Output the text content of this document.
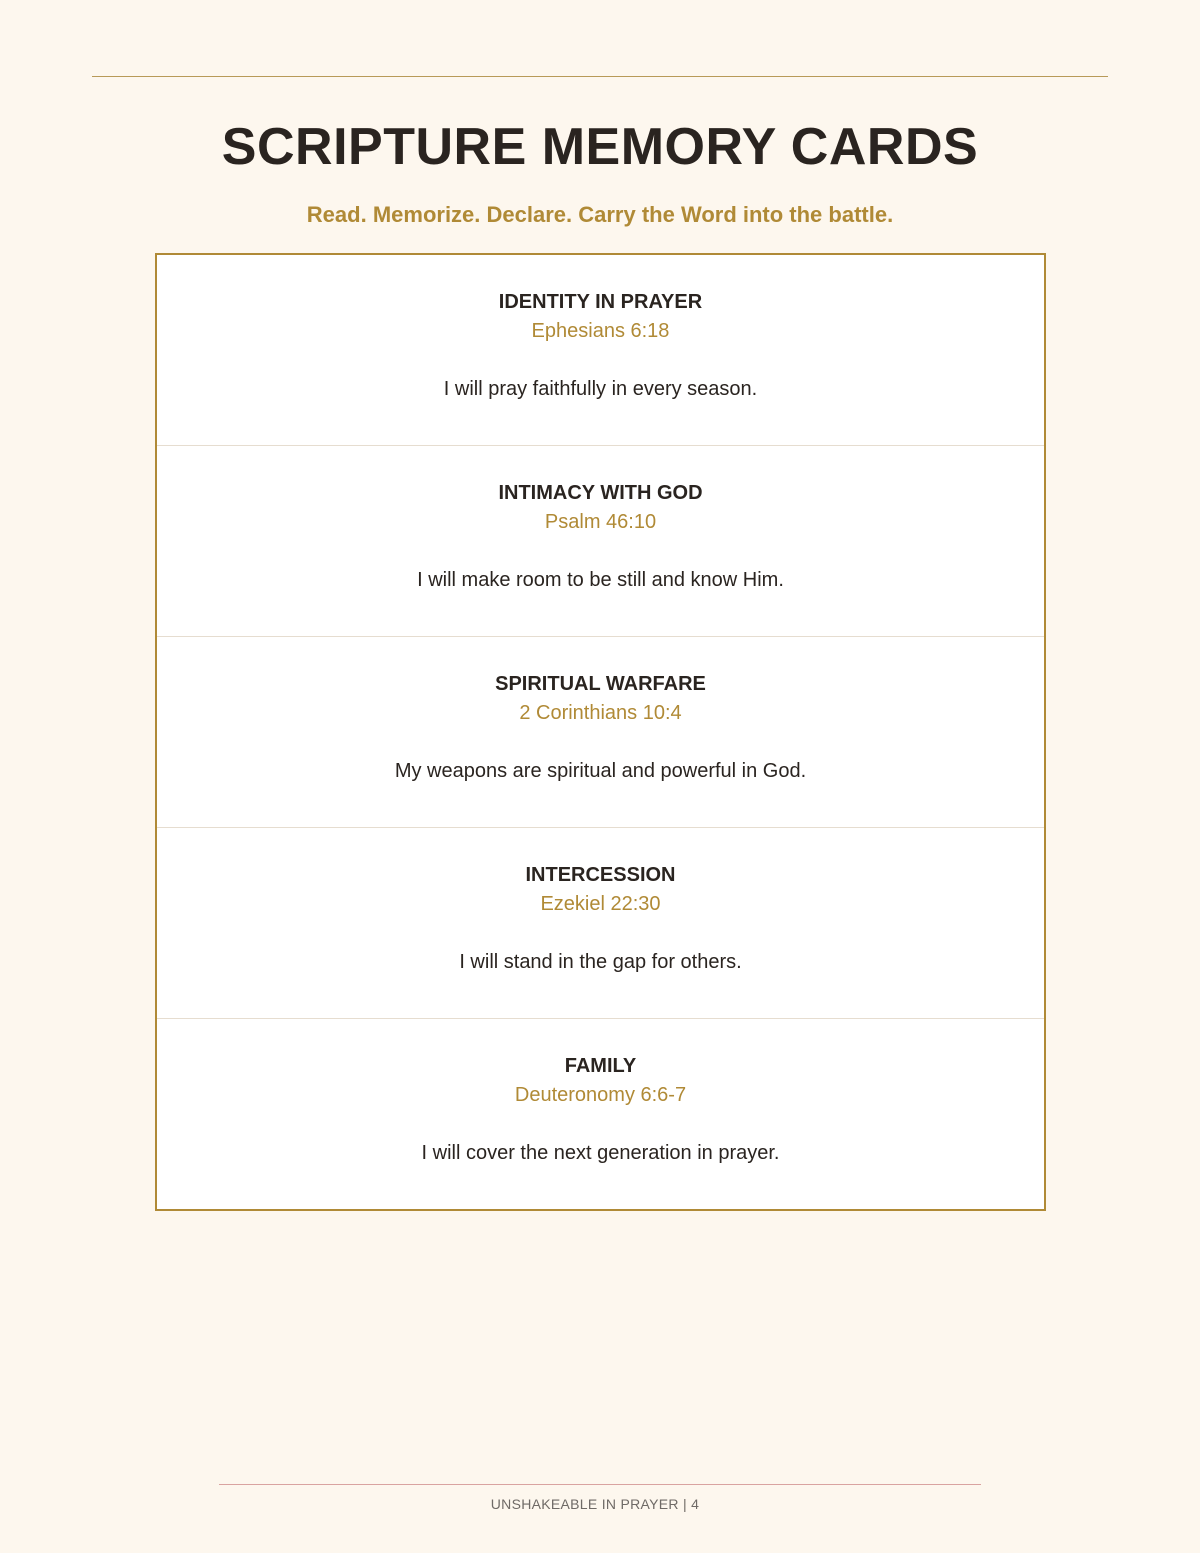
SCRIPTURE MEMORY CARDS
Read. Memorize. Declare. Carry the Word into the battle.
IDENTITY IN PRAYER
Ephesians 6:18
I will pray faithfully in every season.
INTIMACY WITH GOD
Psalm 46:10
I will make room to be still and know Him.
SPIRITUAL WARFARE
2 Corinthians 10:4
My weapons are spiritual and powerful in God.
INTERCESSION
Ezekiel 22:30
I will stand in the gap for others.
FAMILY
Deuteronomy 6:6-7
I will cover the next generation in prayer.
UNSHAKEABLE IN PRAYER | 4
